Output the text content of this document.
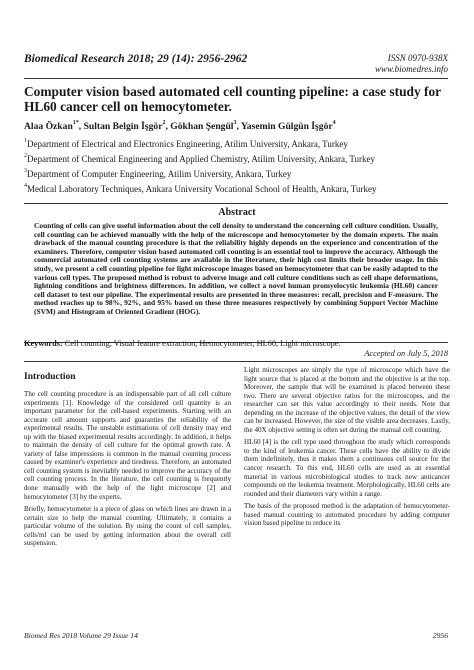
Biomedical Research 2018; 29 (14): 2956-2962	ISSN 0970-938X
www.biomedres.info
Computer vision based automated cell counting pipeline: a case study for HL60 cancer cell on hemocytometer.
Alaa Özkan$^{1*}$, Sultan Belgin İşgör$^2$, Gökhan Şengül$^3$, Yasemin Gülgün İşgör$^4$
$^1$Department of Electrical and Electronics Engineering, Atilim University, Ankara, Turkey
$^2$Department of Chemical Engineering and Applied Chemistry, Atilim University, Ankara, Turkey
$^3$Department of Computer Engineering, Atilim University, Ankara, Turkey
$^4$Medical Laboratory Techniques, Ankara University Vocational School of Health, Ankara, Turkey
Abstract
Counting of cells can give useful information about the cell density to understand the concerning cell culture condition. Usually, cell counting can be achieved manually with the help of the microscope and hemocytometer by the domain experts. The main drawback of the manual counting procedure is that the reliability highly depends on the experience and concentration of the examiners. Therefore, computer vision based automated cell counting is an essential tool to improve the accuracy. Although the commercial automated cell counting systems are available in the literature, their high cost limits their broader usage. In this study, we present a cell counting pipeline for light microscope images based on hemocytometer that can be easily adapted to the various cell types. The proposed method is robust to adverse image and cell culture conditions such as cell shape deformations, lightning conditions and brightness differences. In addition, we collect a novel human promyelocytic leukemia (HL60) cancer cell dataset to test our pipeline. The experimental results are presented in three measures: recall, precision and F-measure. The method reaches up to 98%, 92%, and 95% based on these three measures respectively by combining Support Vector Machine (SVM) and Histogram of Oriented Gradient (HOG).
Keywords: Cell counting, Visual feature extraction, Hemocytometer, HL60, Light microscope.
Accepted on July 5, 2018
Introduction

The cell counting procedure is an indispensable part of all cell culture experiments [1]. Knowledge of the considered cell quantity is an important parameter for the cell-based experiments. Starting with an accurate cell amount supports and guaranties the reliability of the experimental results. The unstable estimations of cell density may end up with the biased experimental results accordingly. In addition, it helps to maintain the density of cell culture for the optimal growth rate. A variety of false impressions is common in the manual counting process caused by examiner's experience and tiredness. Therefore, an automated cell counting system is inevitably needed to improve the accuracy of the cell counting process. In the literature, the cell counting is frequently done manually with the help of the light microscope [2] and hemocytometer [3] by the experts.

Briefly, hemocytometer is a piece of glass on which lines are drawn in a certain size to help the manual counting. Ultimately, it contains a particular volume of the solution. By using the count of cell samples, cells/ml can be used by getting information about the overall cell suspension.

Light microscopes are simply the type of microscope which have the light source that is placed at the bottom and the objective is at the top. Moreover, the sample that will be examined is placed between these two. There are several objective ratios for the microscopes, and the researcher can set this value accordingly to their needs. Note that depending on the increase of the objective values, the detail of the view can be increased. However, the size of the visible area decreases. Lastly, the 40X objective setting is often set during the manual cell counting.

HL60 [4] is the cell type used throughout the study which corresponds to the kind of leukemia cancer. These cells have the ability to divide them indefinitely, thus it makes them a continuous cell source for the cancer research. To this end, HL60 cells are used as an essential material in various microbiological studies to track new anticancer compounds on the leukemia treatment. Morphologically, HL60 cells are rounded and their diameters vary within a range.

The basis of the proposed method is the adaptation of hemocytometer-based manual counting to automated procedure by adding computer vision based pipeline to reduce its

Biomed Res 2018 Volume 29 Issue 14	2956
